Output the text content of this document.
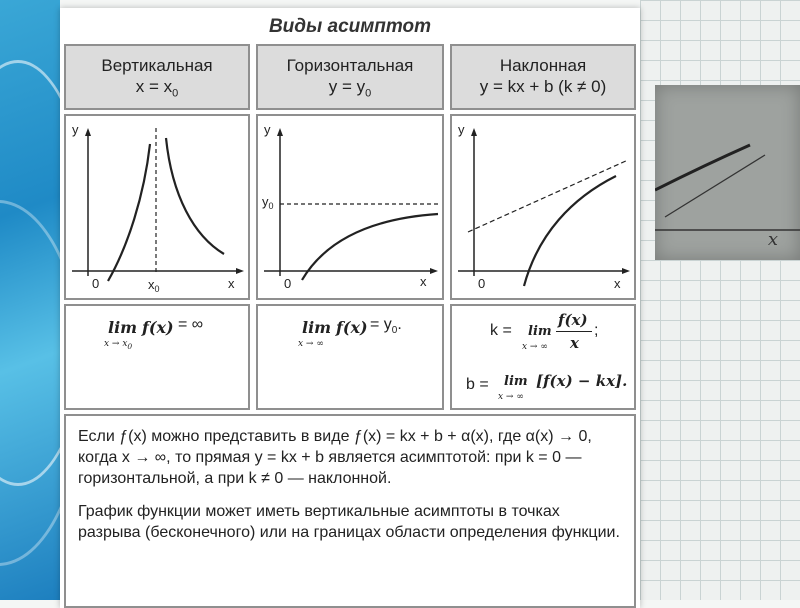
x
Виды асимптот
Вертикальная
$x = x_0$
Горизонтальная
$y = y_0$
Наклонная
y = kx + b (k ≠ 0)
y
0	$x_0$	x
y
$y_0$
0	x
y
0	x
lim f(x) = ∞
$x \to x_0$
$\lim f(x) = y_0$.
x → ∞
k = lim
f(x)
x
;
x → ∞
b = lim [f(x) − kx].
x → ∞

Если ƒ(x) можно представить в виде ƒ(x) = kx + b + α(x), где α(x) → 0, когда x → ∞, то прямая y = kx + b является асимптотой: при k = 0 — горизонтальной, а при k ≠ 0 — наклонной.

График функции может иметь вертикальные асимптоты в точках разрыва (бесконечного) или на границах области определения функции.
